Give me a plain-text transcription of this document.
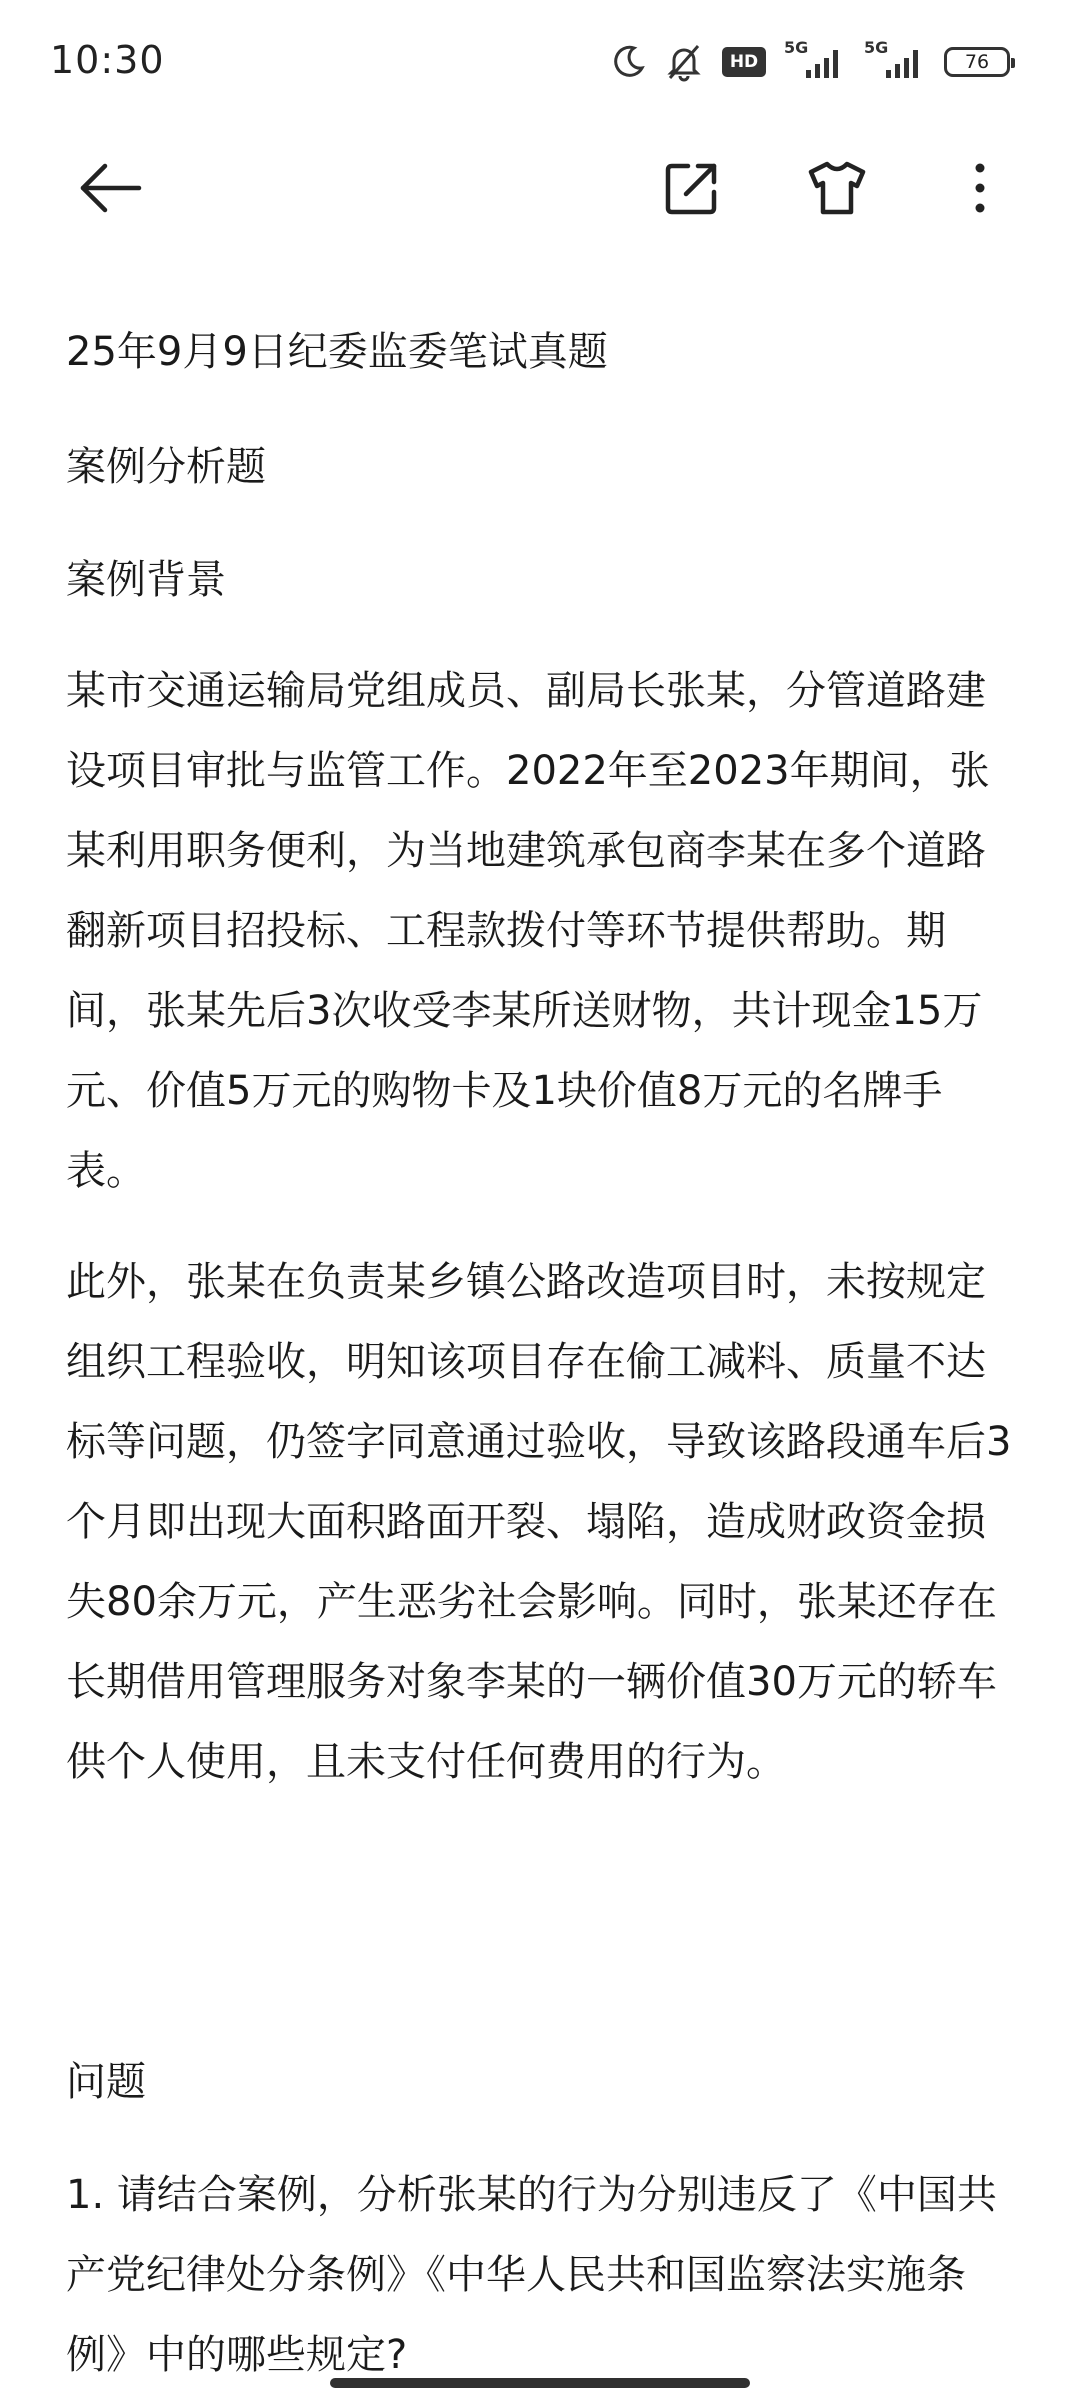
10:30	HD
5G	5G
76

25年9月9日纪委监委笔试真题

案例分析题

案例背景

某市交通运输局党组成员、副局长张某，分管道路建设项目审批与监管工作。2022年至2023年期间，张某利用职务便利，为当地建筑承包商李某在多个道路翻新项目招投标、工程款拨付等环节提供帮助。期间，张某先后3次收受李某所送财物，共计现金15万元、价值5万元的购物卡及1块价值8万元的名牌手表。

此外，张某在负责某乡镇公路改造项目时，未按规定组织工程验收，明知该项目存在偷工减料、质量不达标等问题，仍签字同意通过验收，导致该路段通车后3个月即出现大面积路面开裂、塌陷，造成财政资金损失80余万元，产生恶劣社会影响。同时，张某还存在长期借用管理服务对象李某的一辆价值30万元的轿车供个人使用，且未支付任何费用的行为。

问题

1. 请结合案例，分析张某的行为分别违反了《中国共产党纪律处分条例》《中华人民共和国监察法实施条例》中的哪些规定?
